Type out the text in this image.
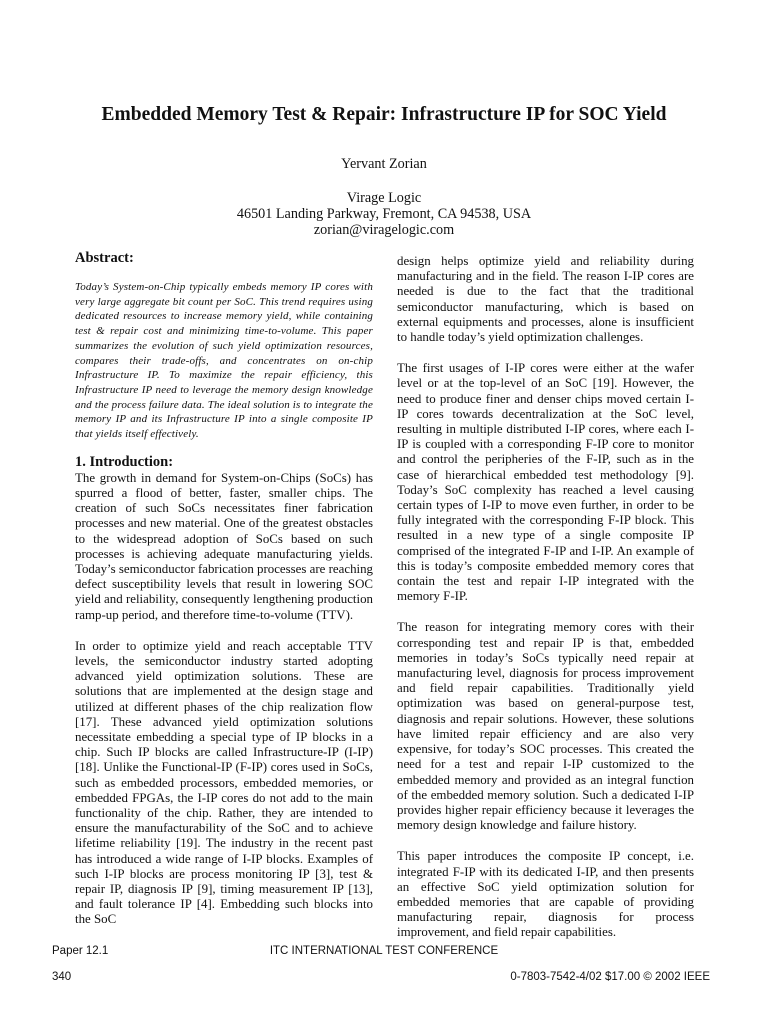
Embedded Memory Test & Repair: Infrastructure IP for SOC Yield

Yervant Zorian

Virage Logic

46501 Landing Parkway, Fremont, CA 94538, USA

zorian@viragelogic.com

Abstract:

Today’s System-on-Chip typically embeds memory IP cores with very large aggregate bit count per SoC. This trend requires using dedicated resources to increase memory yield, while containing test & repair cost and minimizing time-to-volume. This paper summarizes the evolution of such yield optimization resources, compares their trade-offs, and concentrates on on-chip Infrastructure IP. To maximize the repair efficiency, this Infrastructure IP need to leverage the memory design knowledge and the process failure data. The ideal solution is to integrate the memory IP and its Infrastructure IP into a single composite IP that yields itself effectively.

1. Introduction:

The growth in demand for System-on-Chips (SoCs) has spurred a flood of better, faster, smaller chips. The creation of such SoCs necessitates finer fabrication processes and new material. One of the greatest obstacles to the widespread adoption of SoCs based on such processes is achieving adequate manufacturing yields. Today’s semiconductor fabrication processes are reaching defect susceptibility levels that result in lowering SOC yield and reliability, consequently lengthening production ramp-up period, and therefore time-to-volume (TTV).

In order to optimize yield and reach acceptable TTV levels, the semiconductor industry started adopting advanced yield optimization solutions. These are solutions that are implemented at the design stage and utilized at different phases of the chip realization flow [17]. These advanced yield optimization solutions necessitate embedding a special type of IP blocks in a chip. Such IP blocks are called Infrastructure-IP (I-IP) [18]. Unlike the Functional-IP (F-IP) cores used in SoCs, such as embedded processors, embedded memories, or embedded FPGAs, the I-IP cores do not add to the main functionality of the chip. Rather, they are intended to ensure the manufacturability of the SoC and to achieve lifetime reliability [19]. The industry in the recent past has introduced a wide range of I-IP blocks. Examples of such I-IP blocks are process monitoring IP [3], test & repair IP, diagnosis IP [9], timing measurement IP [13], and fault tolerance IP [4]. Embedding such blocks into the SoC

design helps optimize yield and reliability during manufacturing and in the field. The reason I-IP cores are needed is due to the fact that the traditional semiconductor manufacturing, which is based on external equipments and processes, alone is insufficient to handle today’s yield optimization challenges.

The first usages of I-IP cores were either at the wafer level or at the top-level of an SoC [19]. However, the need to produce finer and denser chips moved certain I-IP cores towards decentralization at the SoC level, resulting in multiple distributed I-IP cores, where each I-IP is coupled with a corresponding F-IP core to monitor and control the peripheries of the F-IP, such as in the case of hierarchical embedded test methodology [9]. Today’s SoC complexity has reached a level causing certain types of I-IP to move even further, in order to be fully integrated with the corresponding F-IP block. This resulted in a new type of a single composite IP comprised of the integrated F-IP and I-IP. An example of this is today’s composite embedded memory cores that contain the test and repair I-IP integrated with the memory F-IP.

The reason for integrating memory cores with their corresponding test and repair IP is that, embedded memories in today’s SoCs typically need repair at manufacturing level, diagnosis for process improvement and field repair capabilities. Traditionally yield optimization was based on general-purpose test, diagnosis and repair solutions. However, these solutions have limited repair efficiency and are also very expensive, for today’s SOC processes. This created the need for a test and repair I-IP customized to the embedded memory and provided as an integral function of the embedded memory solution. Such a dedicated I-IP provides higher repair efficiency because it leverages the memory design knowledge and failure history.

This paper introduces the composite IP concept, i.e. integrated F-IP with its dedicated I-IP, and then presents an effective SoC yield optimization solution for embedded memories that are capable of providing manufacturing repair, diagnosis for process improvement, and field repair capabilities.

Paper 12.1	ITC INTERNATIONAL TEST CONFERENCE

340	0-7803-7542-4/02 $17.00 © 2002 IEEE
